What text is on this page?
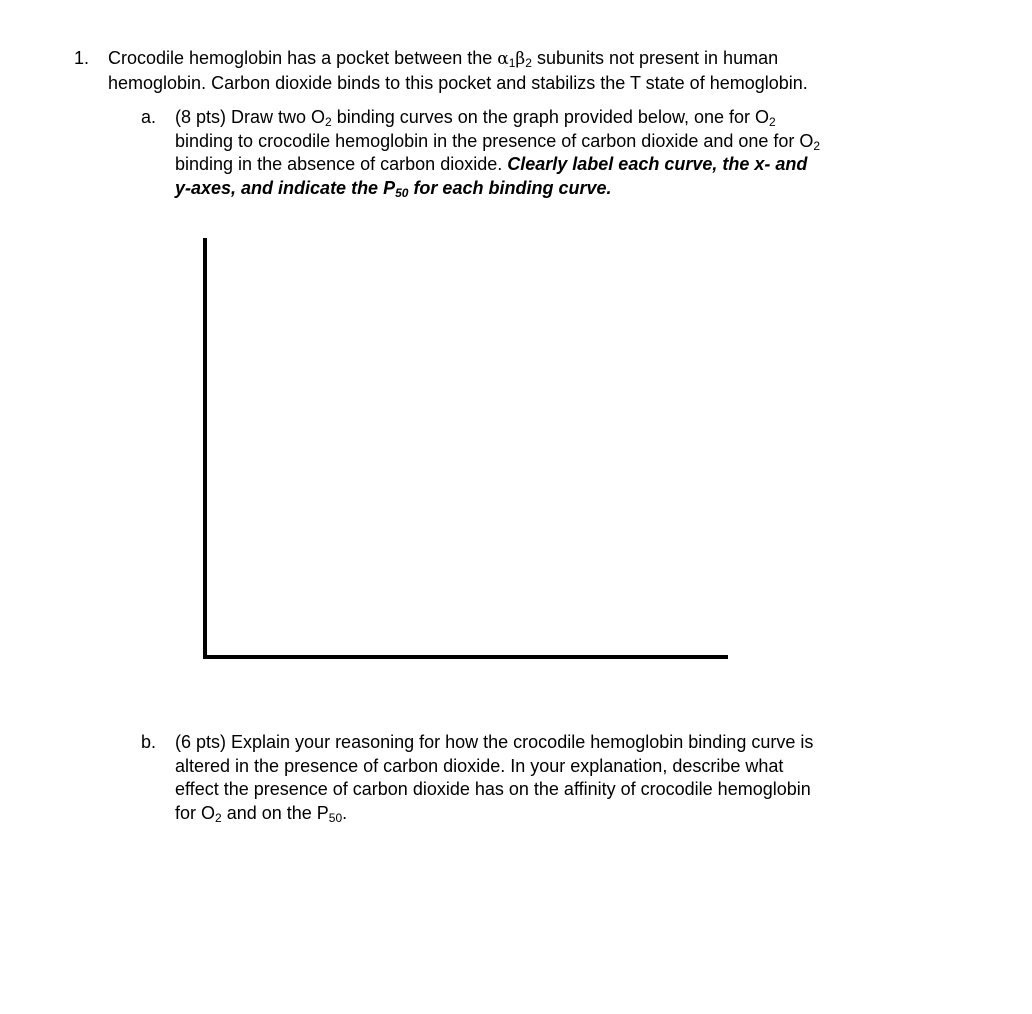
1. Crocodile hemoglobin has a pocket between the $\alpha_1\beta_2$ subunits not present in human
hemoglobin. Carbon dioxide binds to this pocket and stabilizs the T state of hemoglobin.
a. (8 pts) Draw two $O_2$ binding curves on the graph provided below, one for $O_2$
binding to crocodile hemoglobin in the presence of carbon dioxide and one for $O_2$
binding in the absence of carbon dioxide. Clearly label each curve, the x- and
y-axes, and indicate the $P_{50}$ for each binding curve.
b. (6 pts) Explain your reasoning for how the crocodile hemoglobin binding curve is
altered in the presence of carbon dioxide. In your explanation, describe what
effect the presence of carbon dioxide has on the affinity of crocodile hemoglobin
for $O_2$ and on the $P_{50}$.
